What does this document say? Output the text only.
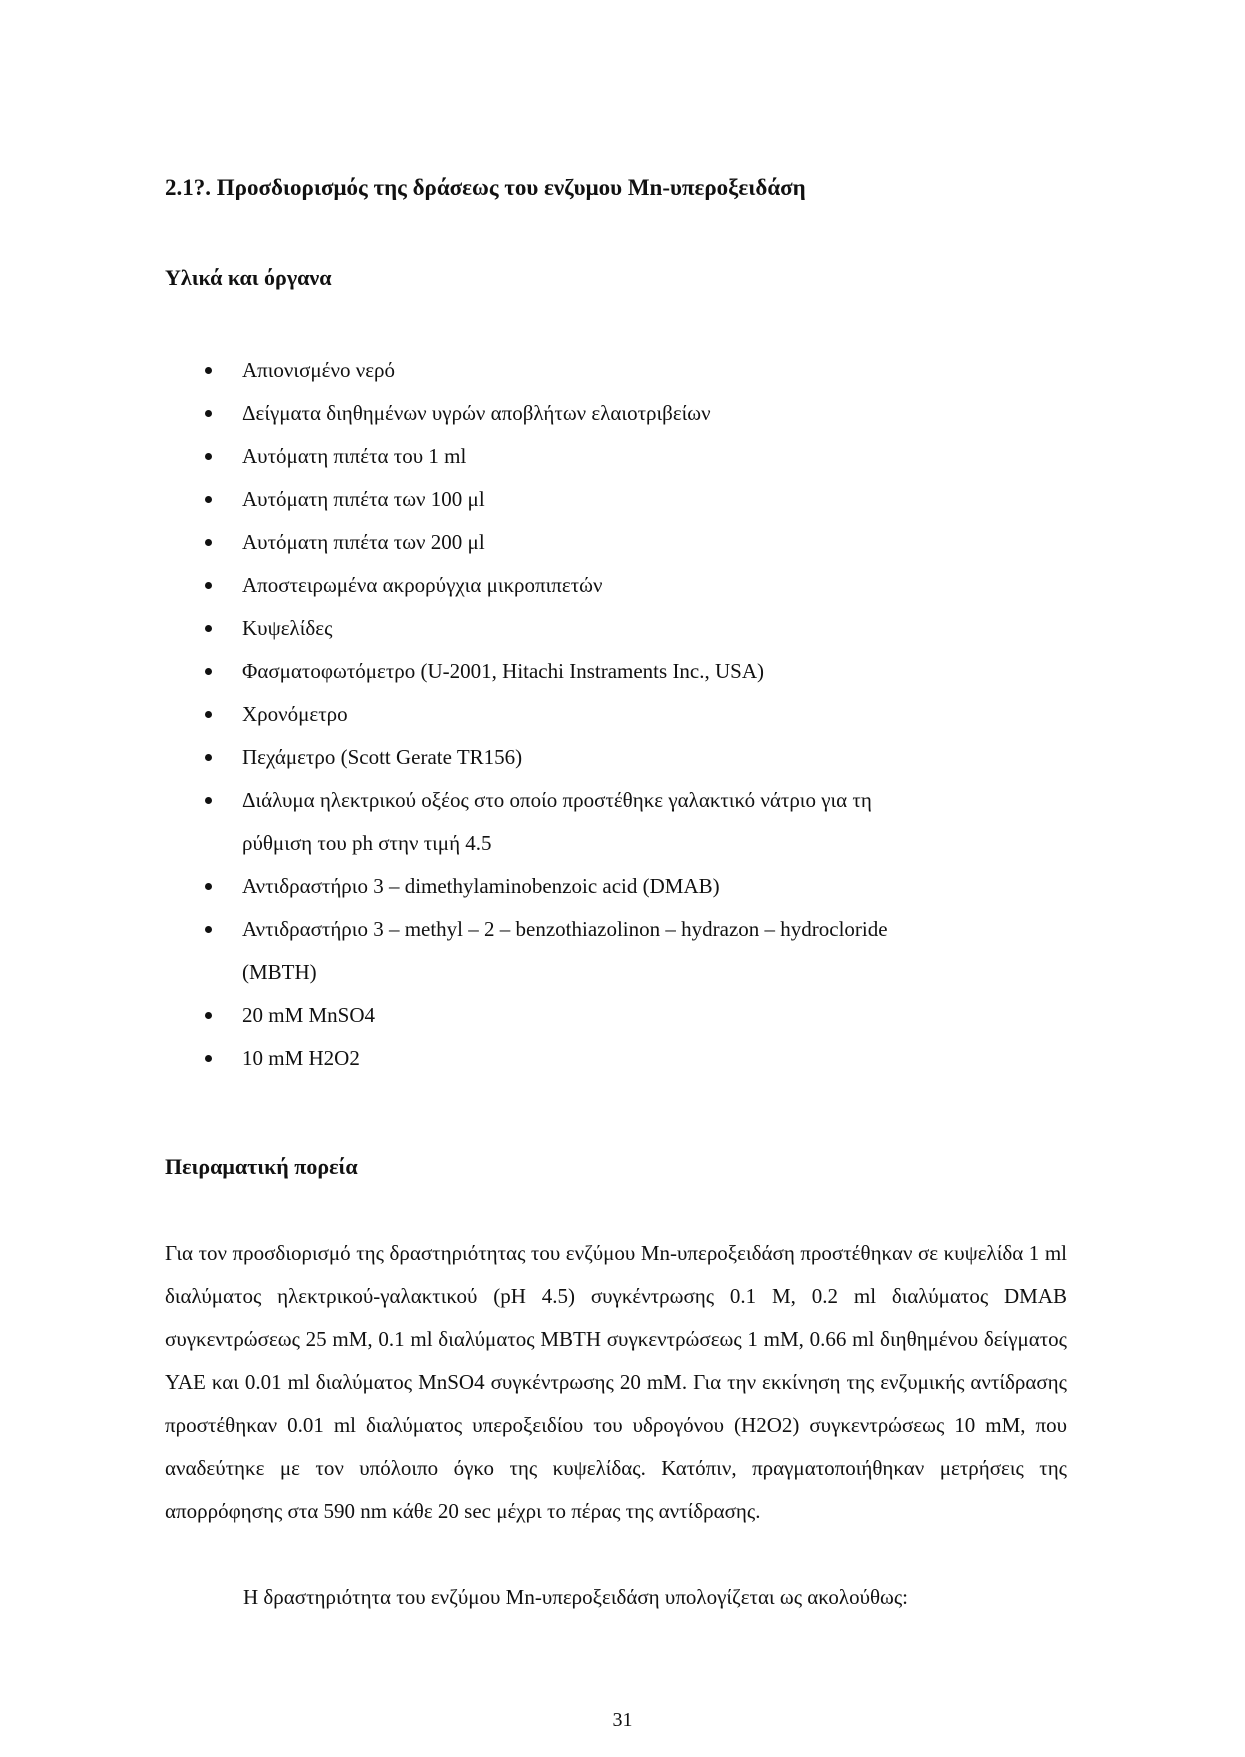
2.1?. Προσδιορισμός της δράσεως του ενζυμου Mn-υπεροξειδάση
Υλικά και όργανα
Απιονισμένο νερό
Δείγματα διηθημένων υγρών αποβλήτων ελαιοτριβείων
Αυτόματη πιπέτα του 1 ml
Αυτόματη πιπέτα των 100 μl
Αυτόματη πιπέτα των 200 μl
Αποστειρωμένα ακρορύγχια μικροπιπετών
Κυψελίδες
Φασματοφωτόμετρο (U-2001, Hitachi Instraments Inc., USA)
Χρονόμετρο
Πεχάμετρο (Scott Gerate TR156)
Διάλυμα ηλεκτρικού οξέος στο οποίο προστέθηκε γαλακτικό νάτριο για τη
ρύθμιση του ph στην τιμή 4.5
Αντιδραστήριο 3 – dimethylaminobenzoic acid (DMAB)
Αντιδραστήριο 3 – methyl – 2 – benzothiazolinon – hydrazon – hydrocloride
(MBTH)
20 mM MnSO4
10 mM H2O2
Πειραματική πορεία

Για τον προσδιορισμό της δραστηριότητας του ενζύμου Mn-υπεροξειδάση προστέθηκαν σε κυψελίδα 1 ml διαλύματος ηλεκτρικού-γαλακτικού (pH 4.5) συγκέντρωσης 0.1 M, 0.2 ml διαλύματος DMAB συγκεντρώσεως 25 mM, 0.1 ml διαλύματος MBTH συγκεντρώσεως 1 mM, 0.66 ml διηθημένου δείγματος YAE και 0.01 ml διαλύματος MnSO4 συγκέντρωσης 20 mM. Για την εκκίνηση της ενζυμικής αντίδρασης προστέθηκαν 0.01 ml διαλύματος υπεροξειδίου του υδρογόνου (H2O2) συγκεντρώσεως 10 mM, που αναδεύτηκε με τον υπόλοιπο όγκο της κυψελίδας. Κατόπιν, πραγματοποιήθηκαν μετρήσεις της απορρόφησης στα 590 nm κάθε 20 sec μέχρι το πέρας της αντίδρασης.

Η δραστηριότητα του ενζύμου Mn-υπεροξειδάση υπολογίζεται ως ακολούθως:

31
